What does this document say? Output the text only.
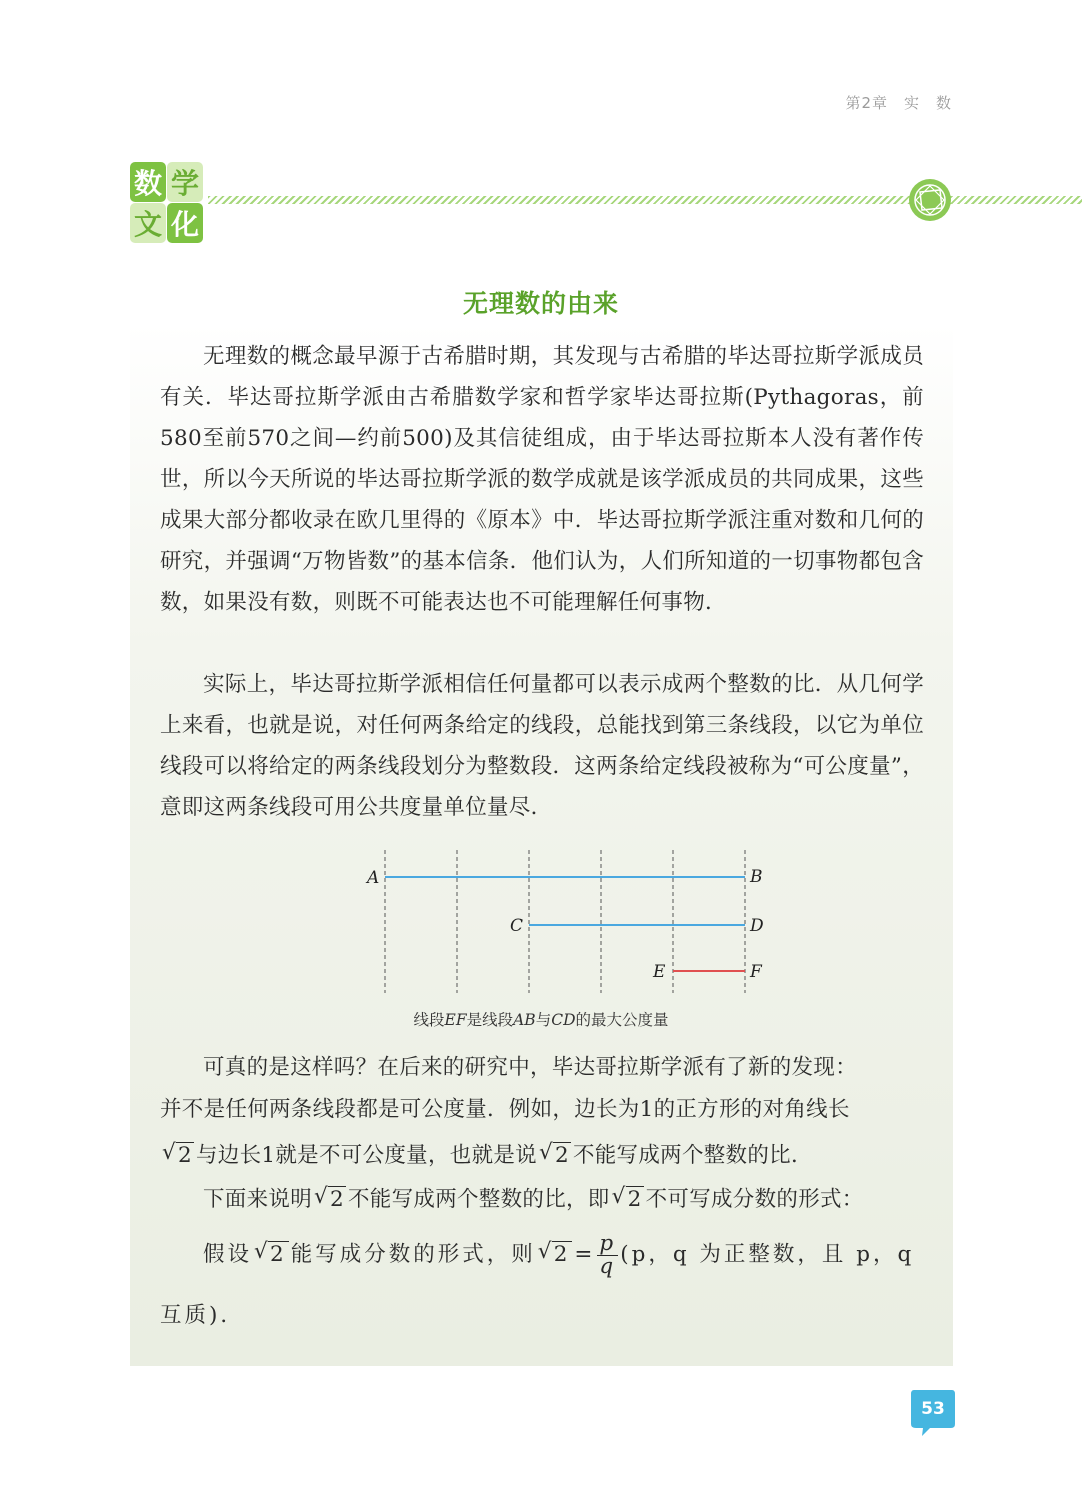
第2章　实　数
数 学
文 化
无理数的由来
无理数的概念最早源于古希腊时期，其发现与古希腊的毕达哥拉斯学派成员有关．毕达哥拉斯学派由古希腊数学家和哲学家毕达哥拉斯(Pythagoras，前580至前570之间—约前500)及其信徒组成，由于毕达哥拉斯本人没有著作传世，所以今天所说的毕达哥拉斯学派的数学成就是该学派成员的共同成果，这些成果大部分都收录在欧几里得的《原本》中．毕达哥拉斯学派注重对数和几何的研究，并强调“万物皆数”的基本信条．他们认为，人们所知道的一切事物都包含数，如果没有数，则既不可能表达也不可能理解任何事物．
实际上，毕达哥拉斯学派相信任何量都可以表示成两个整数的比．从几何学上来看，也就是说，对任何两条给定的线段，总能找到第三条线段，以它为单位线段可以将给定的两条线段划分为整数段．这两条给定线段被称为“可公度量”，意即这两条线段可用公共度量单位量尽．
A	B
C	D
E	F
线段EF是线段AB与CD的最大公度量
可真的是这样吗？在后来的研究中，毕达哥拉斯学派有了新的发现：
并不是任何两条线段都是可公度量．例如，边长为1的正方形的对角线长
√ 2 与边长1就是不可公度量，也就是说 √ 2 不能写成两个整数的比．
下面来说明 √ 2 不能写成两个整数的比，即 √ 2 不可写成分数的形式：
假设 √ 2 能写成分数的形式，则 √ $2 = \frac{p}{q} (p$，q 为正整数，且 p，q
互质)．
53
